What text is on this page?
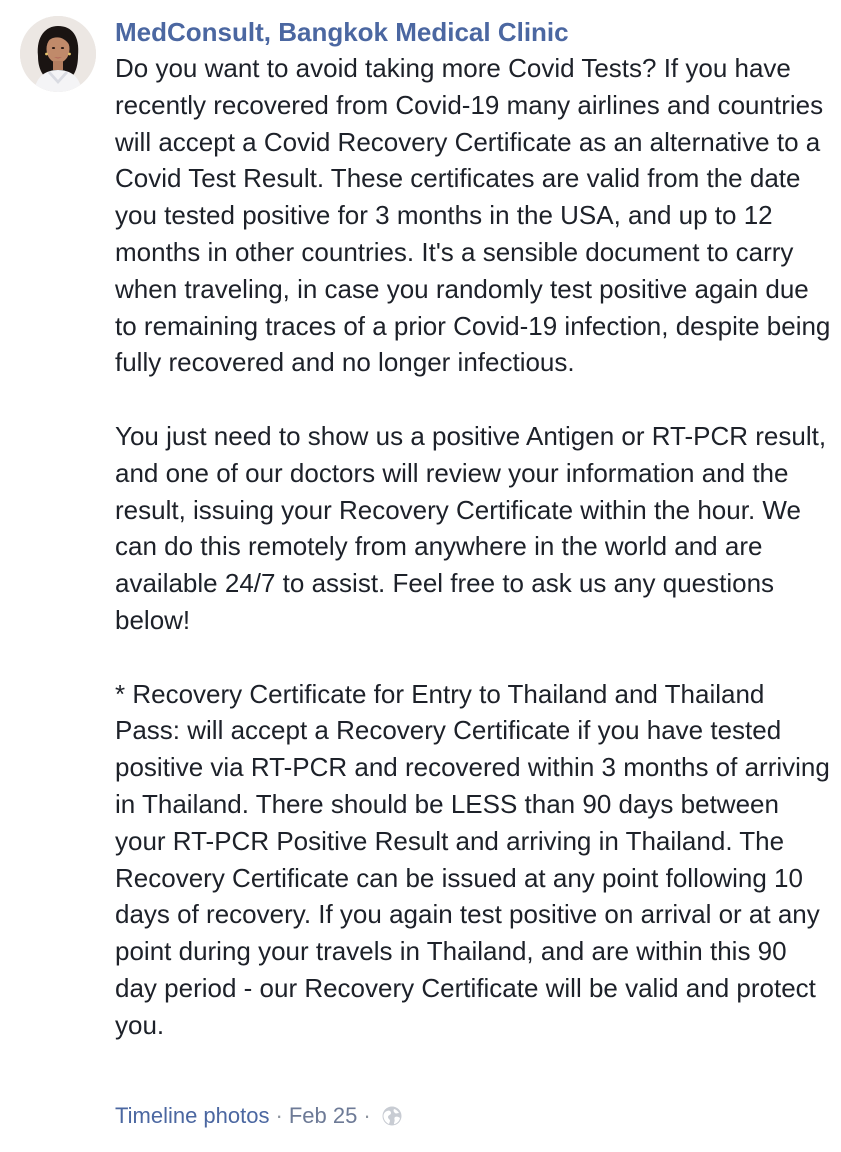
MedConsult, Bangkok Medical Clinic

Do you want to avoid taking more Covid Tests? If you have recently recovered from Covid-19 many airlines and countries will accept a Covid Recovery Certificate as an alternative to a Covid Test Result. These certificates are valid from the date you tested positive for 3 months in the USA, and up to 12 months in other countries. It's a sensible document to carry when traveling, in case you randomly test positive again due to remaining traces of a prior Covid-19 infection, despite being fully recovered and no longer infectious.

You just need to show us a positive Antigen or RT-PCR result, and one of our doctors will review your information and the result, issuing your Recovery Certificate within the hour. We can do this remotely from anywhere in the world and are available 24/7 to assist. Feel free to ask us any questions below!

* Recovery Certificate for Entry to Thailand and Thailand Pass: will accept a Recovery Certificate if you have tested positive via RT-PCR and recovered within 3 months of arriving in Thailand. There should be LESS than 90 days between your RT-PCR Positive Result and arriving in Thailand. The Recovery Certificate can be issued at any point following 10 days of recovery. If you again test positive on arrival or at any point during your travels in Thailand, and are within this 90 day period - our Recovery Certificate will be valid and protect you.

Timeline photos · Feb 25 ·
